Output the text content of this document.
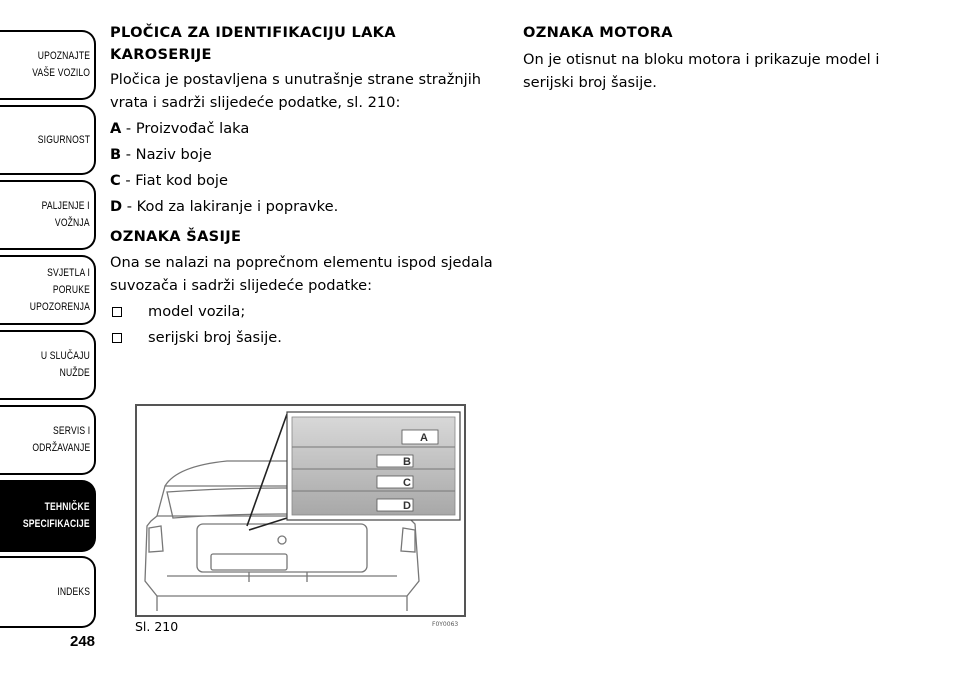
UPOZNAJTE
VAŠE VOZILO
SIGURNOST
PALJENJE I
VOŽNJA
SVJETLA I PORUKE
UPOZORENJA
U SLUČAJU
NUŽDE
SERVIS I
ODRŽAVANJE
TEHNIČKE
SPECIFIKACIJE
INDEKS
248

PLOČICA ZA IDENTIFIKACIJU LAKA KAROSERIJE

Pločica je postavljena s unutrašnje strane stražnjih vrata i sadrži slijedeće podatke, sl. 210:

A - Proizvođač laka

B - Naziv boje

C - Fiat kod boje

D - Kod za lakiranje i popravke.

OZNAKA ŠASIJE

Ona se nalazi na poprečnom elementu ispod sjedala suvozača i sadrži slijedeće podatke:

model vozila;

serijski broj šasije.

OZNAKA MOTORA

On je otisnut na bloku motora i prikazuje model i serijski broj šasije.

A
B
C
D
Sl. 210	F0Y0063
